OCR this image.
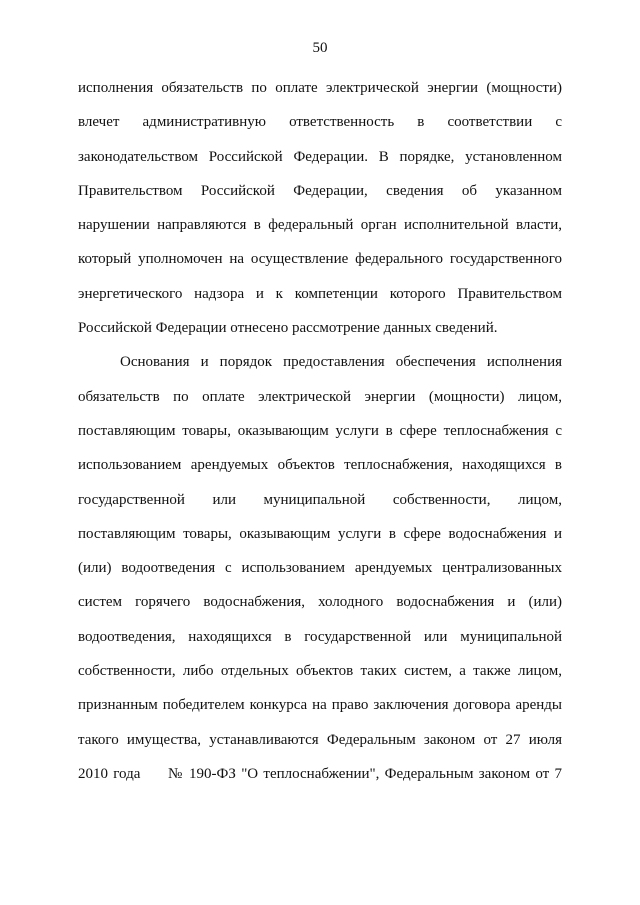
50
исполнения обязательств по оплате электрической энергии (мощности)
влечет административную ответственность в соответствии с
законодательством Российской Федерации. В порядке, установленном
Правительством Российской Федерации, сведения об указанном
нарушении направляются в федеральный орган исполнительной власти,
который уполномочен на осуществление федерального государственного
энергетического надзора и к компетенции которого Правительством
Российской Федерации отнесено рассмотрение данных сведений.
Основания и порядок предоставления обеспечения исполнения
обязательств по оплате электрической энергии (мощности) лицом,
поставляющим товары, оказывающим услуги в сфере теплоснабжения с
использованием арендуемых объектов теплоснабжения, находящихся в
государственной или муниципальной собственности, лицом,
поставляющим товары, оказывающим услуги в сфере водоснабжения и
(или) водоотведения с использованием арендуемых централизованных
систем горячего водоснабжения, холодного водоснабжения и (или)
водоотведения, находящихся в государственной или муниципальной
собственности, либо отдельных объектов таких систем, а также лицом,
признанным победителем конкурса на право заключения договора аренды
такого имущества, устанавливаются Федеральным законом от 27 июля
2010 года № 190-ФЗ "О теплоснабжении", Федеральным законом от 7
